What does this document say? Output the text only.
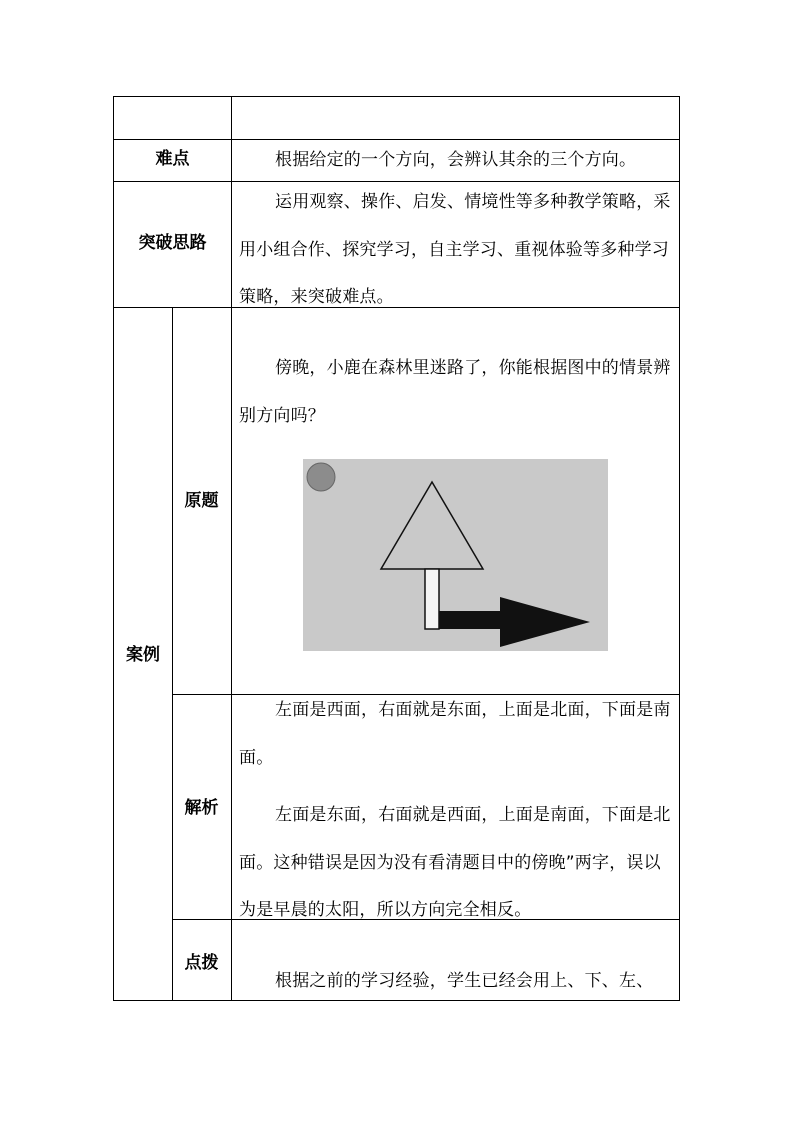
难点	根据给定的一个方向，会辨认其余的三个方向。

突破思路

运用观察、操作、启发、情境性等多种教学策略，采用小组合作、探究学习，自主学习、重视体验等多种学习策略，来突破难点。

案例
原题

傍晚，小鹿在森林里迷路了，你能根据图中的情景辨别方向吗？

解析

左面是西面，右面就是东面，上面是北面，下面是南面。

左面是东面，右面就是西面，上面是南面，下面是北面。这种错误是因为没有看清题目中的傍晚”两字，误以为是早晨的太阳，所以方向完全相反。

点拨

根据之前的学习经验，学生已经会用上、下、左、
